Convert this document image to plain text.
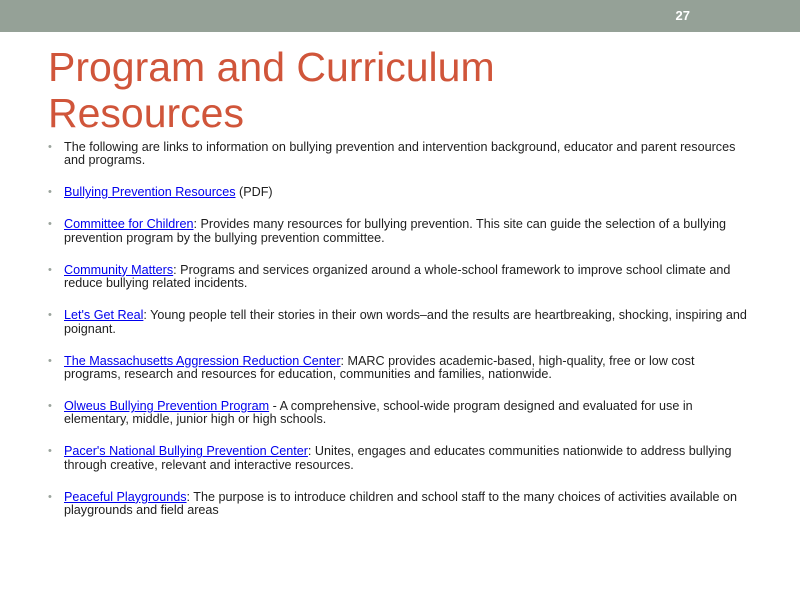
27
Program and Curriculum Resources
• The following are links to information on bullying prevention and intervention background, educator and parent resources and programs.
• Bullying Prevention Resources (PDF)
• Committee for Children: Provides many resources for bullying prevention. This site can guide the selection of a bullying prevention program by the bullying prevention committee.
• Community Matters: Programs and services organized around a whole-school framework to improve school climate and reduce bullying related incidents.
• Let's Get Real: Young people tell their stories in their own words–and the results are heartbreaking, shocking, inspiring and poignant.
• The Massachusetts Aggression Reduction Center: MARC provides academic-based, high-quality, free or low cost programs, research and resources for education, communities and families, nationwide.
• Olweus Bullying Prevention Program - A comprehensive, school-wide program designed and evaluated for use in elementary, middle, junior high or high schools.
• Pacer's National Bullying Prevention Center: Unites, engages and educates communities nationwide to address bullying through creative, relevant and interactive resources.
• Peaceful Playgrounds: The purpose is to introduce children and school staff to the many choices of activities available on playgrounds and field areas
